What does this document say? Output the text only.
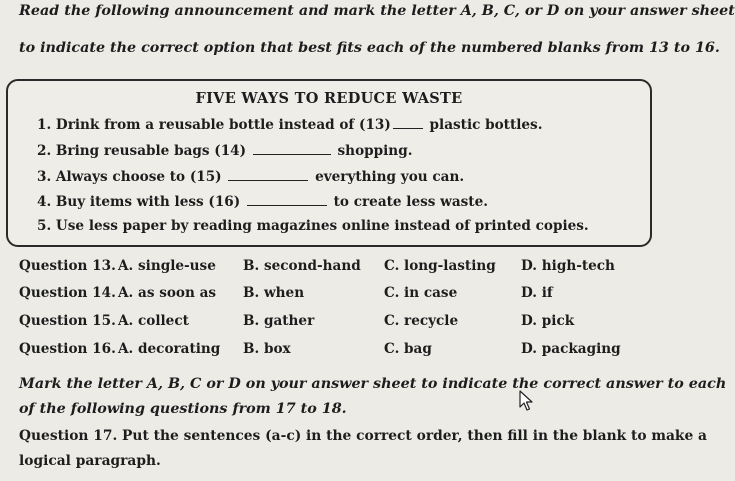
Read the following announcement and mark the letter A, B, C, or D on your answer sheet
to indicate the correct option that best fits each of the numbered blanks from 13 to 16.
FIVE WAYS TO REDUCE WASTE
1. Drink from a reusable bottle instead of (13)	plastic bottles.
2. Bring reusable bags (14)	shopping.
3. Always choose to (15)	everything you can.
4. Buy items with less (16)	to create less waste.
5. Use less paper by reading magazines online instead of printed copies.
Question 13. A. single-use B. second-hand C. long-lasting D. high-tech
Question 14. A. as soon as B. when	C. in case	D. if
Question 15. A. collect	B. gather	C. recycle	D. pick
Question 16. A. decorating B. box	C. bag	D. packaging
Mark the letter A, B, C or D on your answer sheet to indicate the correct answer to each
of the following questions from 17 to 18.
Question 17. Put the sentences (a-c) in the correct order, then fill in the blank to make a
logical paragraph.
